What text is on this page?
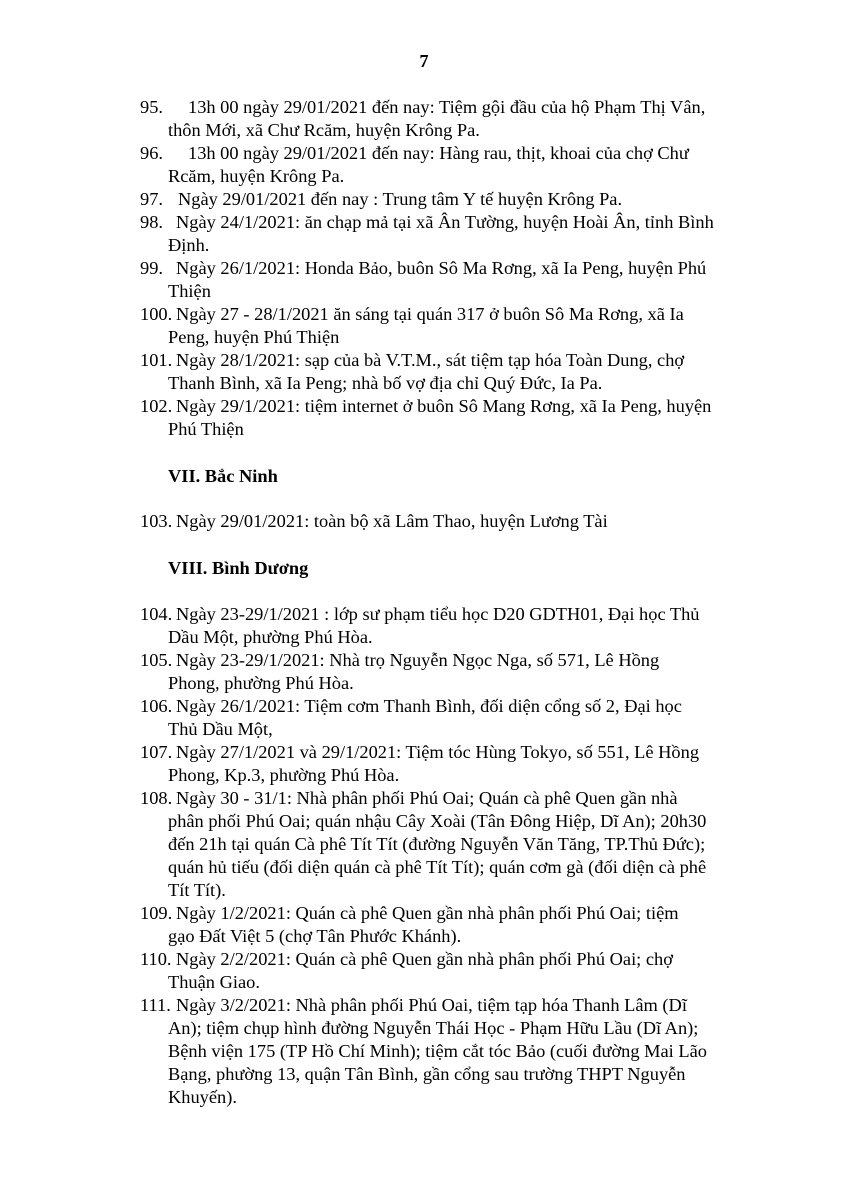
7
95.	13h 00 ngày 29/01/2021 đến nay: Tiệm gội đầu của hộ Phạm Thị Vân,
thôn Mới, xã Chư Rcăm, huyện Krông Pa.
96.	13h 00 ngày 29/01/2021 đến nay: Hàng rau, thịt, khoai của chợ Chư
Rcăm, huyện Krông Pa.
97. Ngày 29/01/2021 đến nay : Trung tâm Y tế huyện Krông Pa.
98. Ngày 24/1/2021: ăn chạp mả tại xã Ân Tường, huyện Hoài Ân, tỉnh Bình
Định.
99. Ngày 26/1/2021: Honda Bảo, buôn Sô Ma Rơng, xã Ia Peng, huyện Phú
Thiện
100. Ngày 27 - 28/1/2021 ăn sáng tại quán 317 ở buôn Sô Ma Rơng, xã Ia
Peng, huyện Phú Thiện
101. Ngày 28/1/2021: sạp của bà V.T.M., sát tiệm tạp hóa Toàn Dung, chợ
Thanh Bình, xã Ia Peng; nhà bố vợ địa chỉ Quý Đức, Ia Pa.
102. Ngày 29/1/2021: tiệm internet ở buôn Sô Mang Rơng, xã Ia Peng, huyện
Phú Thiện
VII. Bắc Ninh
103. Ngày 29/01/2021: toàn bộ xã Lâm Thao, huyện Lương Tài
VIII. Bình Dương
104. Ngày 23-29/1/2021 : lớp sư phạm tiểu học D20 GDTH01, Đại học Thủ
Dầu Một, phường Phú Hòa.
105. Ngày 23-29/1/2021: Nhà trọ Nguyễn Ngọc Nga, số 571, Lê Hồng
Phong, phường Phú Hòa.
106. Ngày 26/1/2021: Tiệm cơm Thanh Bình, đối diện cổng số 2, Đại học
Thủ Dầu Một,
107. Ngày 27/1/2021 và 29/1/2021: Tiệm tóc Hùng Tokyo, số 551, Lê Hồng
Phong, Kp.3, phường Phú Hòa.
108. Ngày 30 - 31/1: Nhà phân phối Phú Oai; Quán cà phê Quen gần nhà
phân phối Phú Oai; quán nhậu Cây Xoài (Tân Đông Hiệp, Dĩ An); 20h30
đến 21h tại quán Cà phê Tít Tít (đường Nguyễn Văn Tăng, TP.Thủ Đức);
quán hủ tiếu (đối diện quán cà phê Tít Tít); quán cơm gà (đối diện cà phê
Tít Tít).
109. Ngày 1/2/2021: Quán cà phê Quen gần nhà phân phối Phú Oai; tiệm
gạo Đất Việt 5 (chợ Tân Phước Khánh).
110. Ngày 2/2/2021: Quán cà phê Quen gần nhà phân phối Phú Oai; chợ
Thuận Giao.
111. Ngày 3/2/2021: Nhà phân phối Phú Oai, tiệm tạp hóa Thanh Lâm (Dĩ
An); tiệm chụp hình đường Nguyễn Thái Học - Phạm Hữu Lầu (Dĩ An);
Bệnh viện 175 (TP Hồ Chí Minh); tiệm cắt tóc Bảo (cuối đường Mai Lão
Bạng, phường 13, quận Tân Bình, gần cổng sau trường THPT Nguyễn
Khuyến).
